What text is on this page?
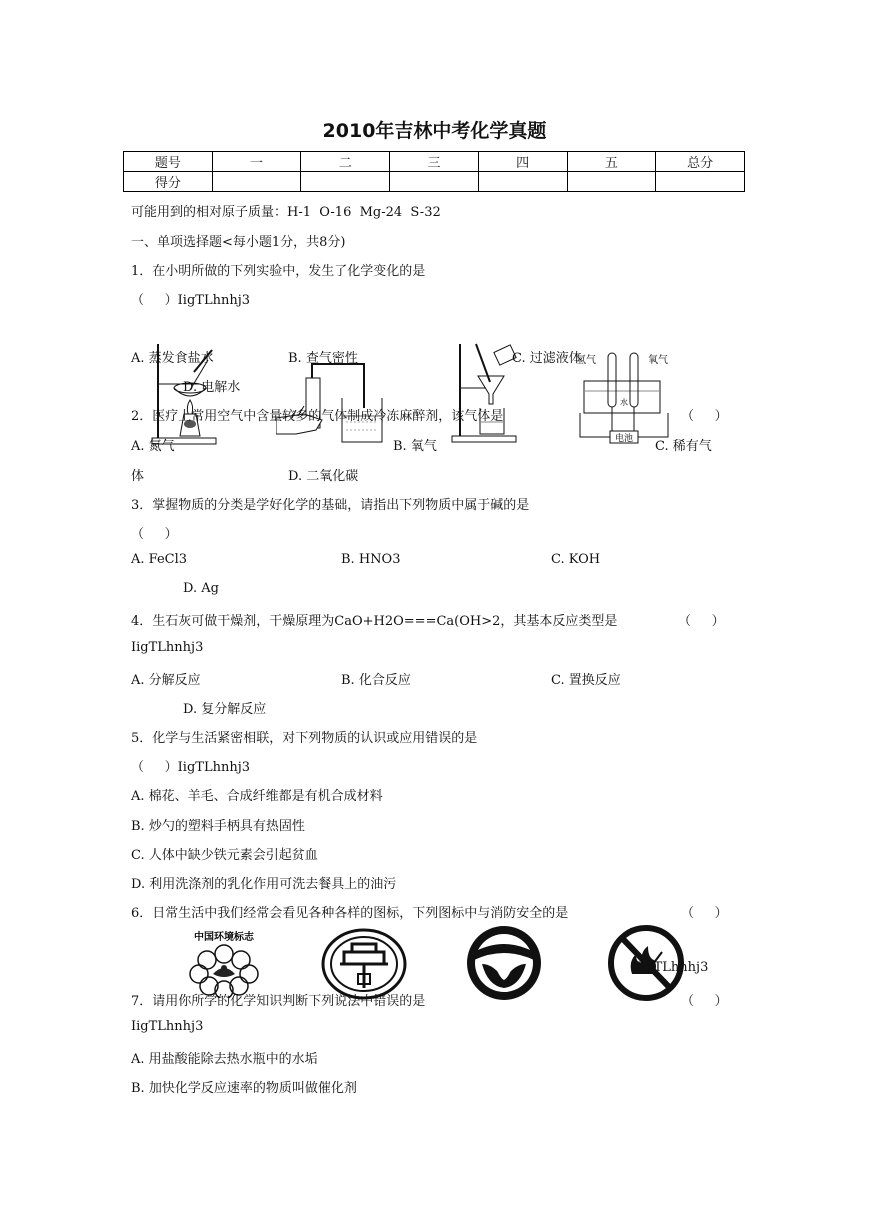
2010年吉林中考化学真题
题号	一	二	三	四	五	总分
得分						
可能用到的相对原子质量：H-1  O-16  Mg-24  S-32
一、单项选择题<每小题1分，共8分)
1．在小明所做的下列实验中，发生了化学变化的是
（     ）IigTLhnhj3
电池
氢气	氧气
水
A. 蒸发食盐水	B. 查气密性	C. 过滤液体
D. 电解水
2．医疗上常用空气中含量较多的气体制成冷冻麻醉剂，该气体是	（     ）
A. 氮气	B. 氧气	C. 稀有气
体	D. 二氧化碳
3．掌握物质的分类是学好化学的基础，请指出下列物质中属于碱的是
（     ）
A. FeCl3	B. HNO3	C. KOH
D. Ag
4．生石灰可做干燥剂，干燥原理为CaO+H2O===Ca(OH>2，其基本反应类型是	（     ）
IigTLhnhj3
A. 分解反应	B. 化合反应	C. 置换反应
D. 复分解反应
5．化学与生活紧密相联，对下列物质的认识或应用错误的是
（     ）IigTLhnhj3
A. 棉花、羊毛、合成纤维都是有机合成材料
B. 炒勺的塑料手柄具有热固性
C. 人体中缺少铁元素会引起贫血
D. 利用洗涤剂的乳化作用可洗去餐具上的油污
6．日常生活中我们经常会看见各种各样的图标，下列图标中与消防安全的是	（     ）
中国环境标志
IigTLhnhj3
7．请用你所学的化学知识判断下列说法中错误的是	（     ）
IigTLhnhj3
A. 用盐酸能除去热水瓶中的水垢
B. 加快化学反应速率的物质叫做催化剂
